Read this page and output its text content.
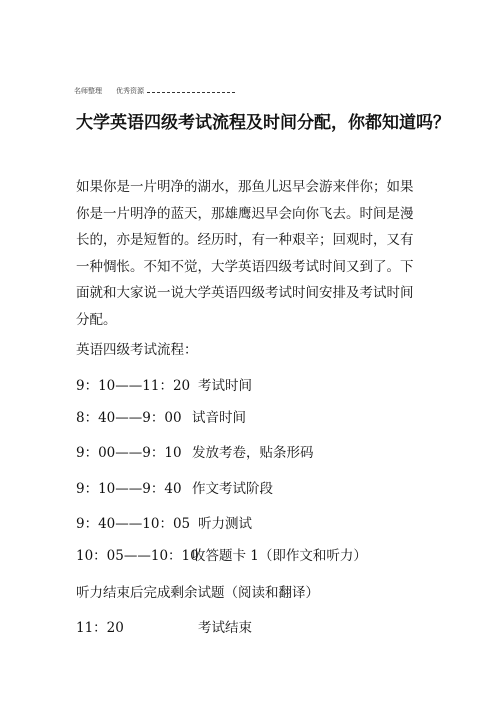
名师整理 优秀资源
大学英语四级考试流程及时间分配，你都知道吗？

如果你是一片明净的湖水，那鱼儿迟早会游来伴你；如果
你是一片明净的蓝天，那雄鹰迟早会向你飞去。时间是漫
长的，亦是短暂的。经历时，有一种艰辛；回观时，又有
一种惆怅。不知不觉，大学英语四级考试时间又到了。下
面就和大家说一说大学英语四级考试时间安排及考试时间
分配。

英语四级考试流程：
9：10——11：20 考试时间
8：40——9：00 试音时间
9：00——9：10 发放考卷，贴条形码
9：10——9：40 作文考试阶段
9：40——10：05 听力测试
10：05——10：10收答题卡 1（即作文和听力）
听力结束后完成剩余试题（阅读和翻译）
11：20	考试结束
